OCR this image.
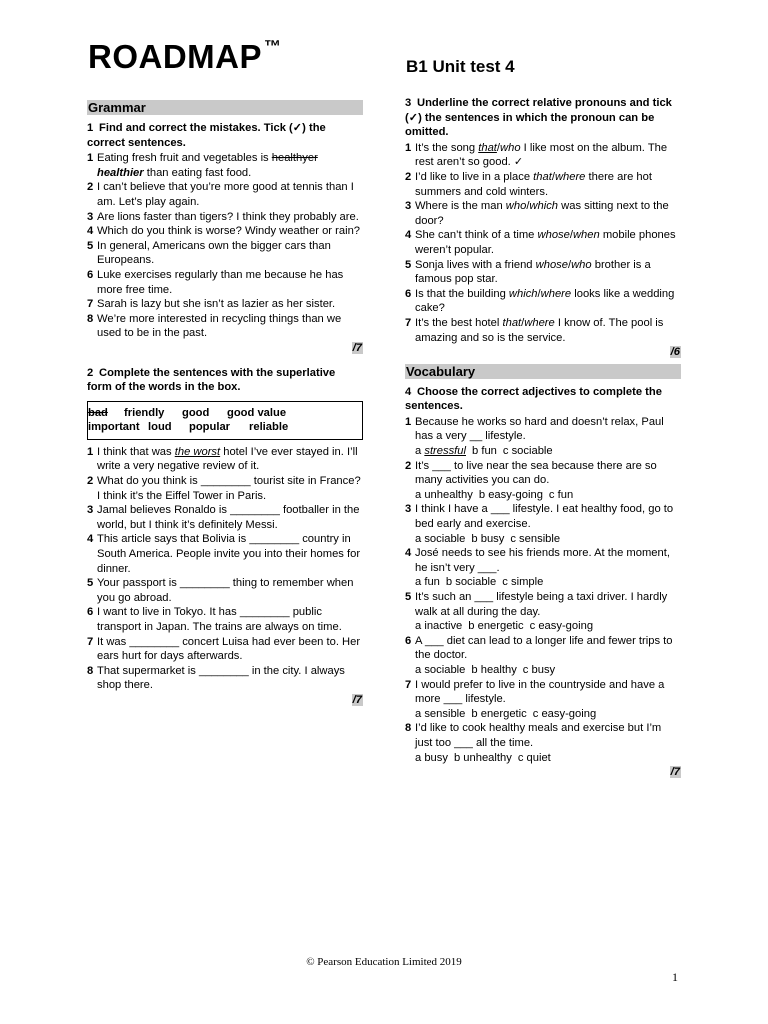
ROADMAP ™
B1 Unit test 4
Grammar
1 Find and correct the mistakes. Tick (✓) the correct sentences.
1 Eating fresh fruit and vegetables is healthyer healthier than eating fast food.
2 I can’t believe that you’re more good at tennis than I am. Let’s play again.
3 Are lions faster than tigers? I think they probably are.
4 Which do you think is worse? Windy weather or rain?
5 In general, Americans own the bigger cars than Europeans.
6 Luke exercises regularly than me because he has more free time.
7 Sarah is lazy but she isn’t as lazier as her sister.
8 We’re more interested in recycling things than we used to be in the past.
/7
2 Complete the sentences with the superlative form of the words in the box.
bad	friendly	good	good value
important loud	popular	reliable
1 I think that was the worst hotel I’ve ever stayed in. I’ll write a very negative review of it.
2 What do you think is ________ tourist site in France? I think it’s the Eiffel Tower in Paris.
3 Jamal believes Ronaldo is ________ footballer in the world, but I think it’s definitely Messi.
4 This article says that Bolivia is ________ country in South America. People invite you into their homes for dinner.
5 Your passport is ________ thing to remember when you go abroad.
6 I want to live in Tokyo. It has ________ public transport in Japan. The trains are always on time.
7 It was ________ concert Luisa had ever been to. Her ears hurt for days afterwards.
8 That supermarket is ________ in the city. I always shop there.
/7
3 Underline the correct relative pronouns and tick (✓) the sentences in which the pronoun can be omitted.
1 It’s the song that/who I like most on the album. The rest aren’t so good. ✓
2 I’d like to live in a place that/where there are hot summers and cold winters.
3 Where is the man who/which was sitting next to the door?
4 She can’t think of a time whose/when mobile phones weren’t popular.
5 Sonja lives with a friend whose/who brother is a famous pop star.
6 Is that the building which/where looks like a wedding cake?
7 It’s the best hotel that/where I know of. The pool is amazing and so is the service.
/6
Vocabulary
4 Choose the correct adjectives to complete the sentences.
1 Because he works so hard and doesn’t relax, Paul has a very __ lifestyle.
a stressful b fun c sociable
2 It’s ___ to live near the sea because there are so many activities you can do.
a unhealthy b easy-going c fun
3 I think I have a ___ lifestyle. I eat healthy food, go to bed early and exercise.
a sociable b busy c sensible
4 José needs to see his friends more. At the moment, he isn’t very ___.
a fun b sociable c simple
5 It’s such an ___ lifestyle being a taxi driver. I hardly walk at all during the day.
a inactive b energetic c easy-going
6 A ___ diet can lead to a longer life and fewer trips to the doctor.
a sociable b healthy c busy
7 I would prefer to live in the countryside and have a more ___ lifestyle.
a sensible b energetic c easy-going
8 I’d like to cook healthy meals and exercise but I’m just too ___ all the time.
a busy b unhealthy c quiet
/7
© Pearson Education Limited 2019
1
